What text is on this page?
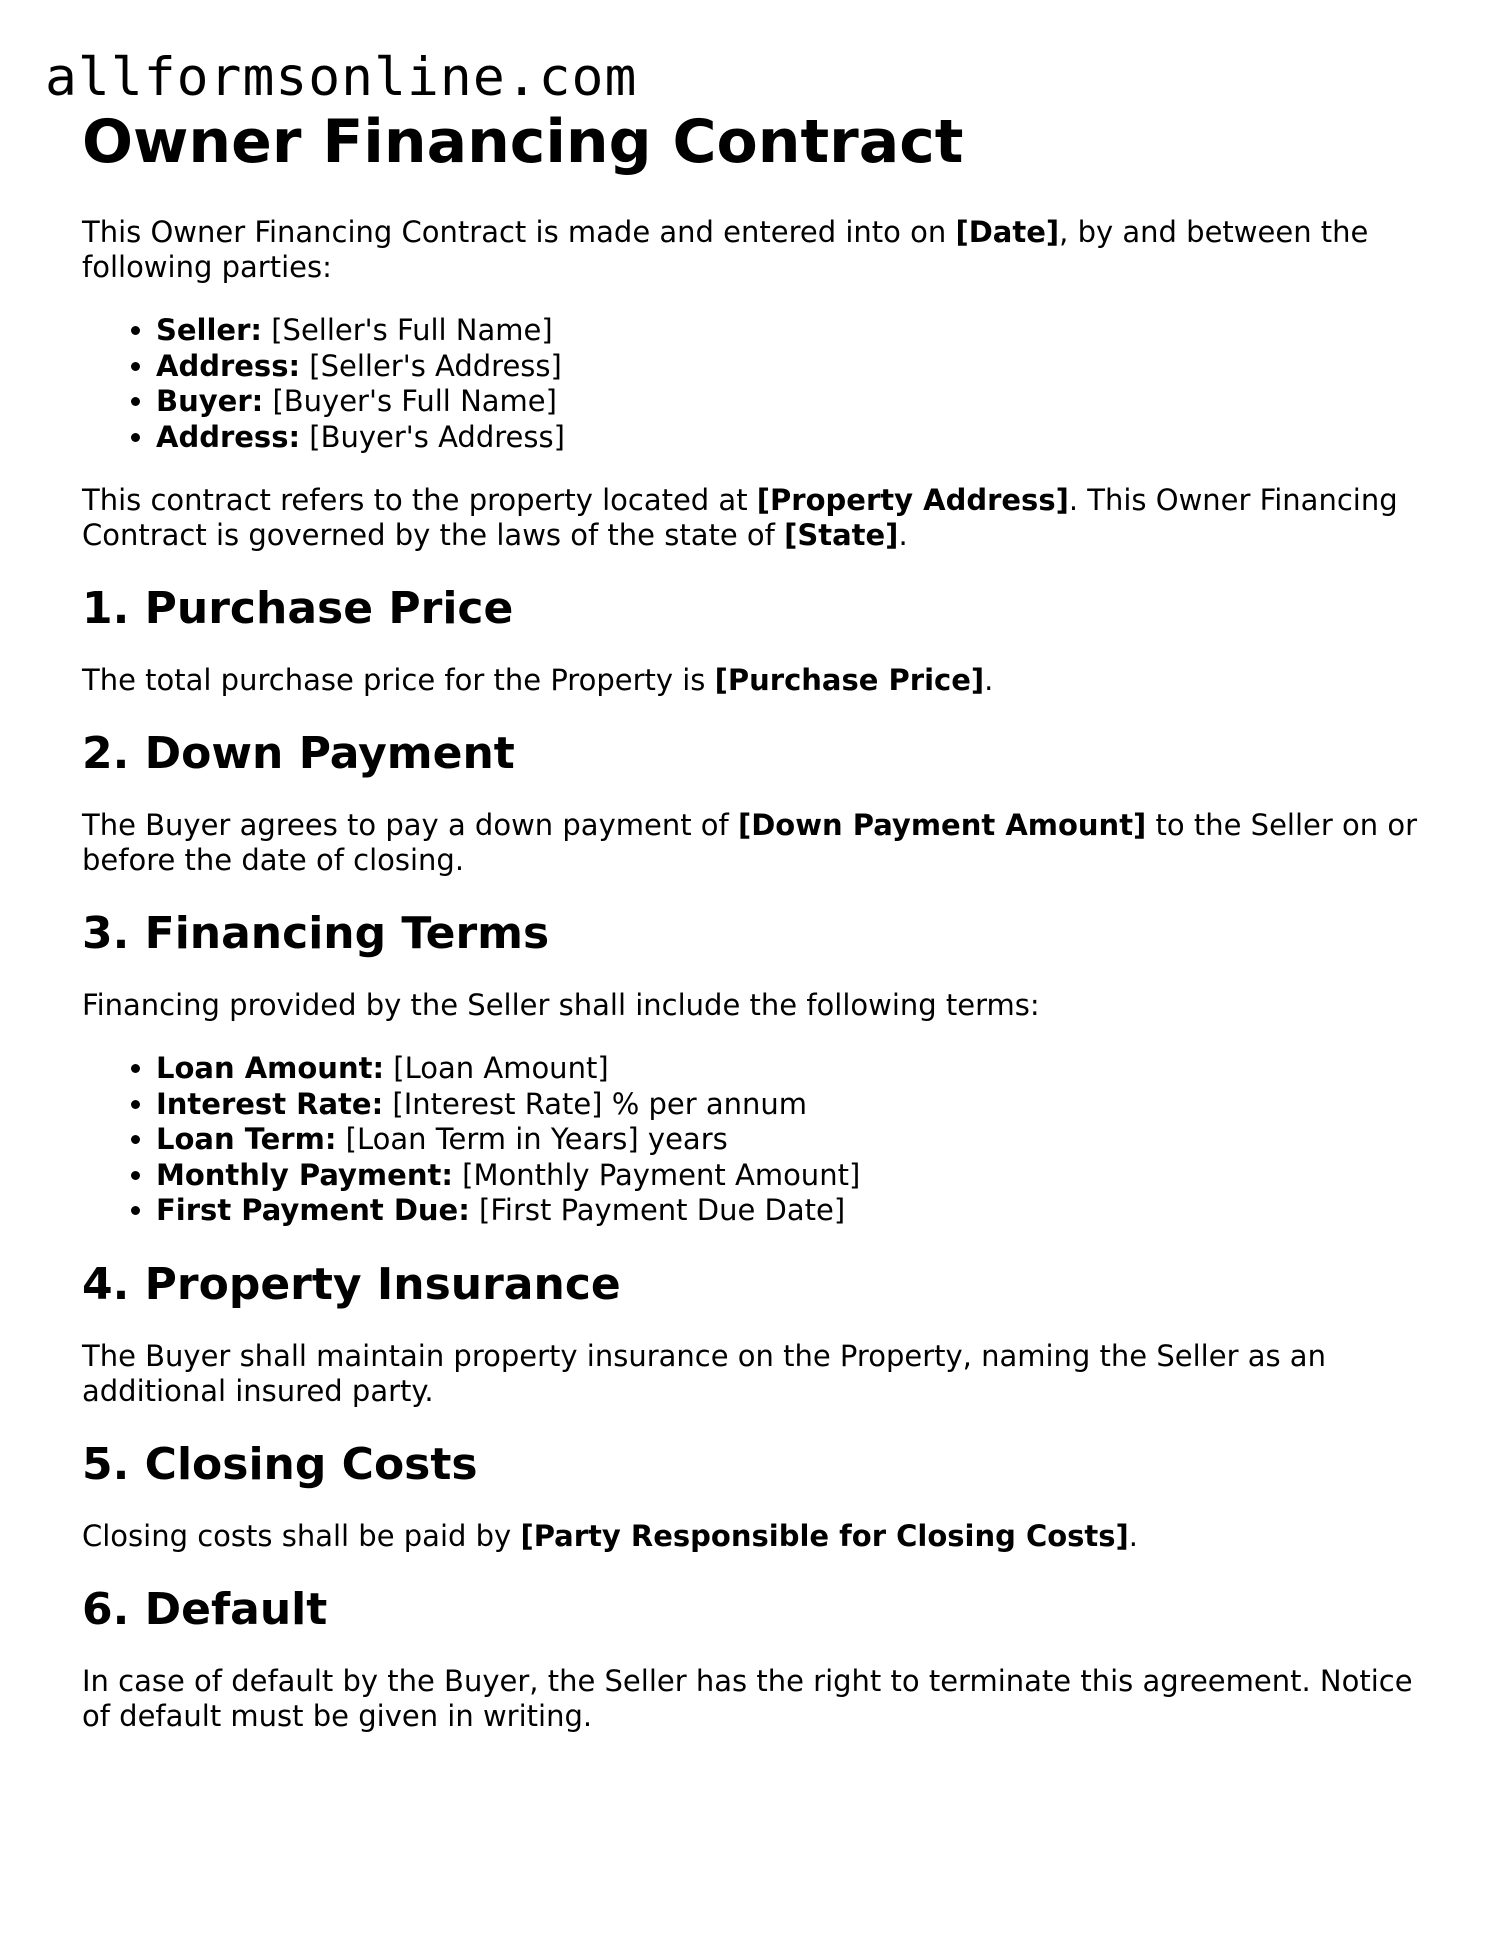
allformsonline.com
Owner Financing Contract

This Owner Financing Contract is made and entered into on [Date], by and between the following parties:

• Seller: [Seller's Full Name]
• Address: [Seller's Address]
• Buyer: [Buyer's Full Name]
• Address: [Buyer's Address]

This contract refers to the property located at [Property Address]. This Owner Financing Contract is governed by the laws of the state of [State].

1. Purchase Price

The total purchase price for the Property is [Purchase Price].

2. Down Payment

The Buyer agrees to pay a down payment of [Down Payment Amount] to the Seller on or before the date of closing.

3. Financing Terms

Financing provided by the Seller shall include the following terms:

• Loan Amount: [Loan Amount]
• Interest Rate: [Interest Rate] % per annum
• Loan Term: [Loan Term in Years] years
• Monthly Payment: [Monthly Payment Amount]
• First Payment Due: [First Payment Due Date]
4. Property Insurance

The Buyer shall maintain property insurance on the Property, naming the Seller as an additional insured party.

5. Closing Costs

Closing costs shall be paid by [Party Responsible for Closing Costs].

6. Default

In case of default by the Buyer, the Seller has the right to terminate this agreement. Notice of default must be given in writing.
